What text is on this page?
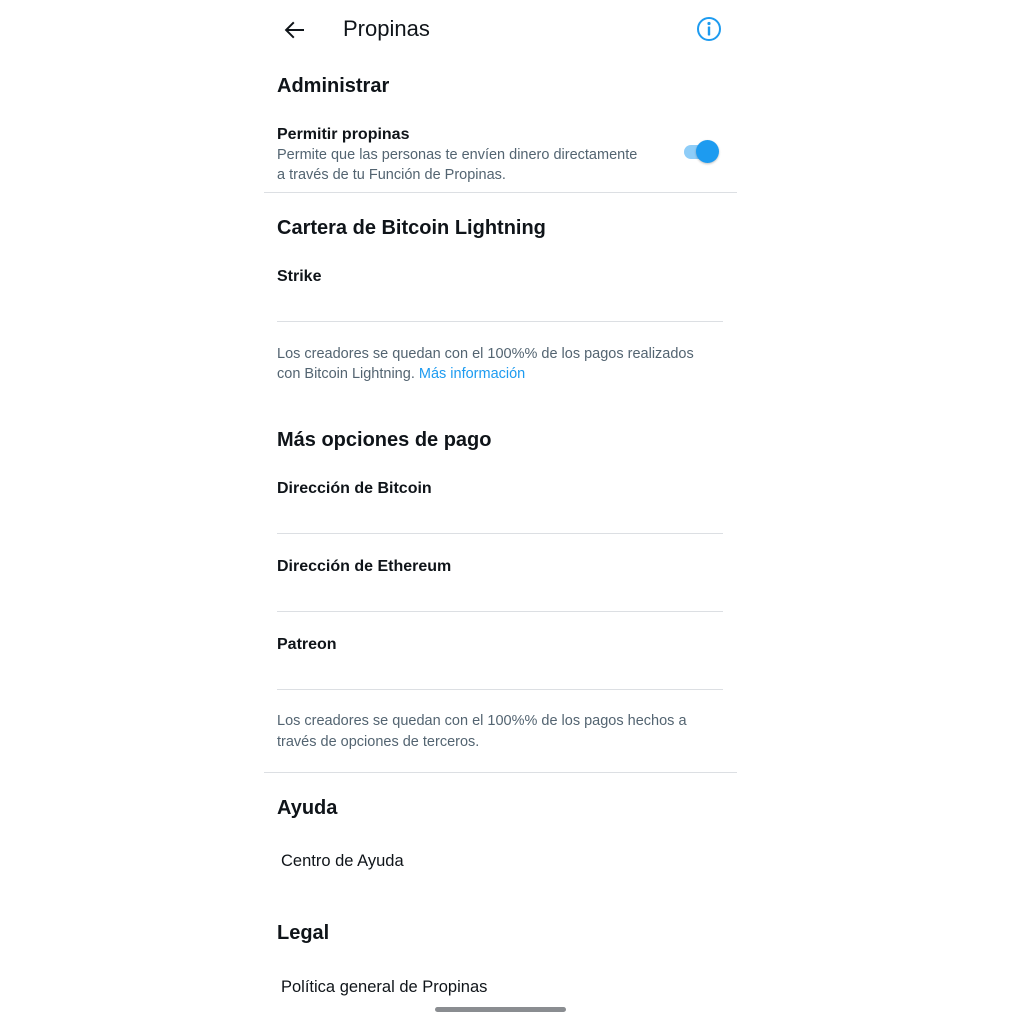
Propinas
Administrar
Permitir propinas
Permite que las personas te envíen dinero directamente
a través de tu Función de Propinas.
Cartera de Bitcoin Lightning
Strike
Los creadores se quedan con el 100%% de los pagos realizados
con Bitcoin Lightning. Más información
Más opciones de pago
Dirección de Bitcoin
Dirección de Ethereum
Patreon
Los creadores se quedan con el 100%% de los pagos hechos a
través de opciones de terceros.
Ayuda
Centro de Ayuda
Legal
Política general de Propinas
